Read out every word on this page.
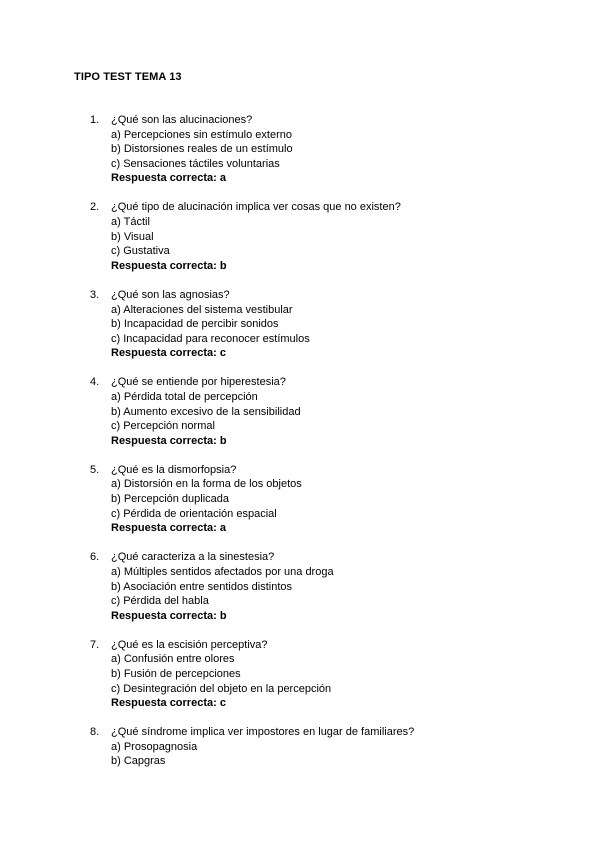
TIPO TEST TEMA 13
1. ¿Qué son las alucinaciones?
a) Percepciones sin estímulo externo
b) Distorsiones reales de un estímulo
c) Sensaciones táctiles voluntarias
Respuesta correcta: a
2. ¿Qué tipo de alucinación implica ver cosas que no existen?
a) Táctil
b) Visual
c) Gustativa
Respuesta correcta: b
3. ¿Qué son las agnosias?
a) Alteraciones del sistema vestibular
b) Incapacidad de percibir sonidos
c) Incapacidad para reconocer estímulos
Respuesta correcta: c
4. ¿Qué se entiende por hiperestesia?
a) Pérdida total de percepción
b) Aumento excesivo de la sensibilidad
c) Percepción normal
Respuesta correcta: b
5. ¿Qué es la dismorfopsia?
a) Distorsión en la forma de los objetos
b) Percepción duplicada
c) Pérdida de orientación espacial
Respuesta correcta: a
6. ¿Qué caracteriza a la sinestesia?
a) Múltiples sentidos afectados por una droga
b) Asociación entre sentidos distintos
c) Pérdida del habla
Respuesta correcta: b
7. ¿Qué es la escisión perceptiva?
a) Confusión entre olores
b) Fusión de percepciones
c) Desintegración del objeto en la percepción
Respuesta correcta: c
8. ¿Qué síndrome implica ver impostores en lugar de familiares?
a) Prosopagnosia
b) Capgras
